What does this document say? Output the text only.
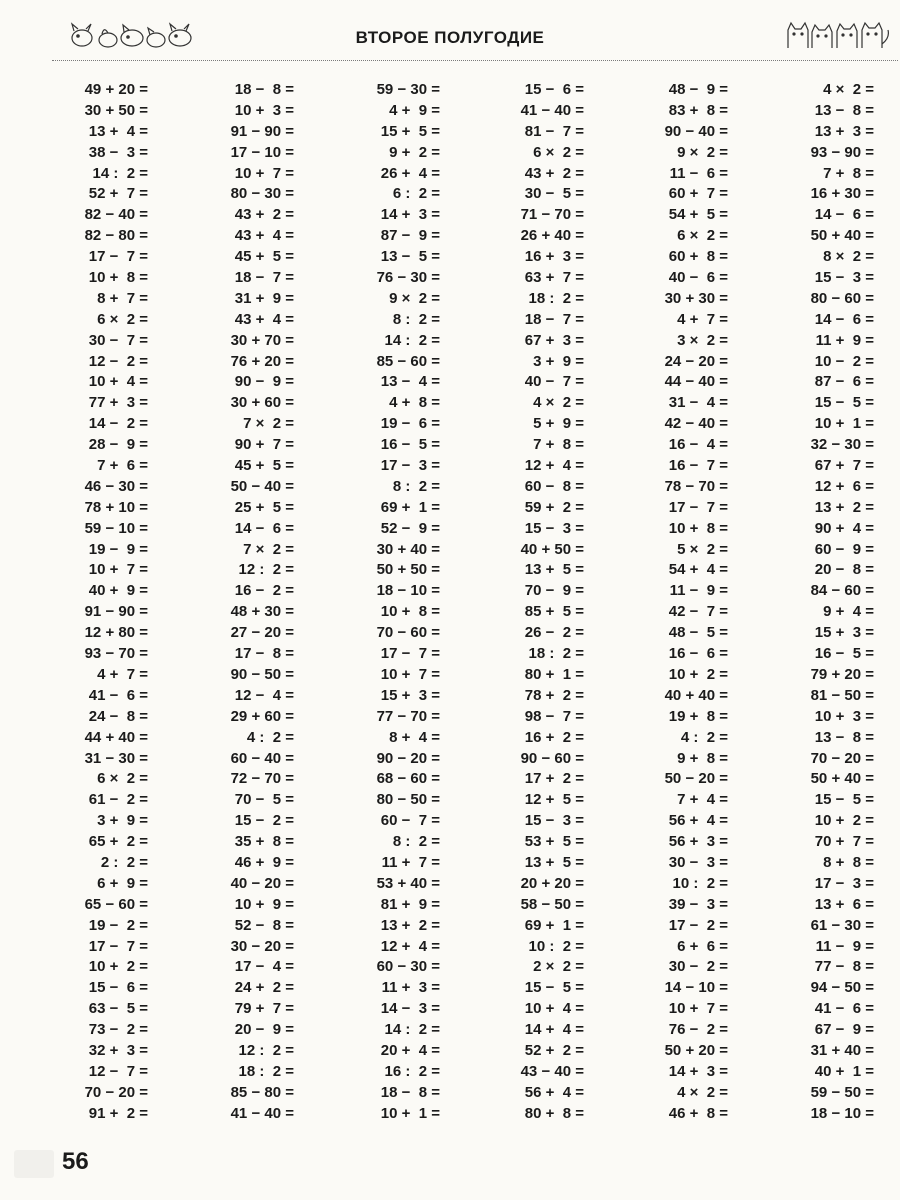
ВТОРОЕ ПОЛУГОДИЕ
49 + 20 =
30 + 50 =
13 +  4 =
38 −  3 =
14 :  2 =
52 +  7 =
82 − 40 =
82 − 80 =
17 −  7 =
10 +  8 =
8 +  7 =
6 ×  2 =
30 −  7 =
12 −  2 =
10 +  4 =
77 +  3 =
14 −  2 =
28 −  9 =
7 +  6 =
46 − 30 =
78 + 10 =
59 − 10 =
19 −  9 =
10 +  7 =
40 +  9 =
91 − 90 =
12 + 80 =
93 − 70 =
4 +  7 =
41 −  6 =
24 −  8 =
44 + 40 =
31 − 30 =
6 ×  2 =
61 −  2 =
3 +  9 =
65 +  2 =
2 :  2 =
6 +  9 =
65 − 60 =
19 −  2 =
17 −  7 =
10 +  2 =
15 −  6 =
63 −  5 =
73 −  2 =
32 +  3 =
12 −  7 =
70 − 20 =
91 +  2 =
18 −  8 =
10 +  3 =
91 − 90 =
17 − 10 =
10 +  7 =
80 − 30 =
43 +  2 =
43 +  4 =
45 +  5 =
18 −  7 =
31 +  9 =
43 +  4 =
30 + 70 =
76 + 20 =
90 −  9 =
30 + 60 =
7 ×  2 =
90 +  7 =
45 +  5 =
50 − 40 =
25 +  5 =
14 −  6 =
7 ×  2 =
12 :  2 =
16 −  2 =
48 + 30 =
27 − 20 =
17 −  8 =
90 − 50 =
12 −  4 =
29 + 60 =
4 :  2 =
60 − 40 =
72 − 70 =
70 −  5 =
15 −  2 =
35 +  8 =
46 +  9 =
40 − 20 =
10 +  9 =
52 −  8 =
30 − 20 =
17 −  4 =
24 +  2 =
79 +  7 =
20 −  9 =
12 :  2 =
18 :  2 =
85 − 80 =
41 − 40 =
59 − 30 =
4 +  9 =
15 +  5 =
9 +  2 =
26 +  4 =
6 :  2 =
14 +  3 =
87 −  9 =
13 −  5 =
76 − 30 =
9 ×  2 =
8 :  2 =
14 :  2 =
85 − 60 =
13 −  4 =
4 +  8 =
19 −  6 =
16 −  5 =
17 −  3 =
8 :  2 =
69 +  1 =
52 −  9 =
30 + 40 =
50 + 50 =
18 − 10 =
10 +  8 =
70 − 60 =
17 −  7 =
10 +  7 =
15 +  3 =
77 − 70 =
8 +  4 =
90 − 20 =
68 − 60 =
80 − 50 =
60 −  7 =
8 :  2 =
11 +  7 =
53 + 40 =
81 +  9 =
13 +  2 =
12 +  4 =
60 − 30 =
11 +  3 =
14 −  3 =
14 :  2 =
20 +  4 =
16 :  2 =
18 −  8 =
10 +  1 =
15 −  6 =
41 − 40 =
81 −  7 =
6 ×  2 =
43 +  2 =
30 −  5 =
71 − 70 =
26 + 40 =
16 +  3 =
63 +  7 =
18 :  2 =
18 −  7 =
67 +  3 =
3 +  9 =
40 −  7 =
4 ×  2 =
5 +  9 =
7 +  8 =
12 +  4 =
60 −  8 =
59 +  2 =
15 −  3 =
40 + 50 =
13 +  5 =
70 −  9 =
85 +  5 =
26 −  2 =
18 :  2 =
80 +  1 =
78 +  2 =
98 −  7 =
16 +  2 =
90 − 60 =
17 +  2 =
12 +  5 =
15 −  3 =
53 +  5 =
13 +  5 =
20 + 20 =
58 − 50 =
69 +  1 =
10 :  2 =
2 ×  2 =
15 −  5 =
10 +  4 =
14 +  4 =
52 +  2 =
43 − 40 =
56 +  4 =
80 +  8 =
48 −  9 =
83 +  8 =
90 − 40 =
9 ×  2 =
11 −  6 =
60 +  7 =
54 +  5 =
6 ×  2 =
60 +  8 =
40 −  6 =
30 + 30 =
4 +  7 =
3 ×  2 =
24 − 20 =
44 − 40 =
31 −  4 =
42 − 40 =
16 −  4 =
16 −  7 =
78 − 70 =
17 −  7 =
10 +  8 =
5 ×  2 =
54 +  4 =
11 −  9 =
42 −  7 =
48 −  5 =
16 −  6 =
10 +  2 =
40 + 40 =
19 +  8 =
4 :  2 =
9 +  8 =
50 − 20 =
7 +  4 =
56 +  4 =
56 +  3 =
30 −  3 =
10 :  2 =
39 −  3 =
17 −  2 =
6 +  6 =
30 −  2 =
14 − 10 =
10 +  7 =
76 −  2 =
50 + 20 =
14 +  3 =
4 ×  2 =
46 +  8 =
4 ×  2 =
13 −  8 =
13 +  3 =
93 − 90 =
7 +  8 =
16 + 30 =
14 −  6 =
50 + 40 =
8 ×  2 =
15 −  3 =
80 − 60 =
14 −  6 =
11 +  9 =
10 −  2 =
87 −  6 =
15 −  5 =
10 +  1 =
32 − 30 =
67 +  7 =
12 +  6 =
13 +  2 =
90 +  4 =
60 −  9 =
20 −  8 =
84 − 60 =
9 +  4 =
15 +  3 =
16 −  5 =
79 + 20 =
81 − 50 =
10 +  3 =
13 −  8 =
70 − 20 =
50 + 40 =
15 −  5 =
10 +  2 =
70 +  7 =
8 +  8 =
17 −  3 =
13 +  6 =
61 − 30 =
11 −  9 =
77 −  8 =
94 − 50 =
41 −  6 =
67 −  9 =
31 + 40 =
40 +  1 =
59 − 50 =
18 − 10 =
56
